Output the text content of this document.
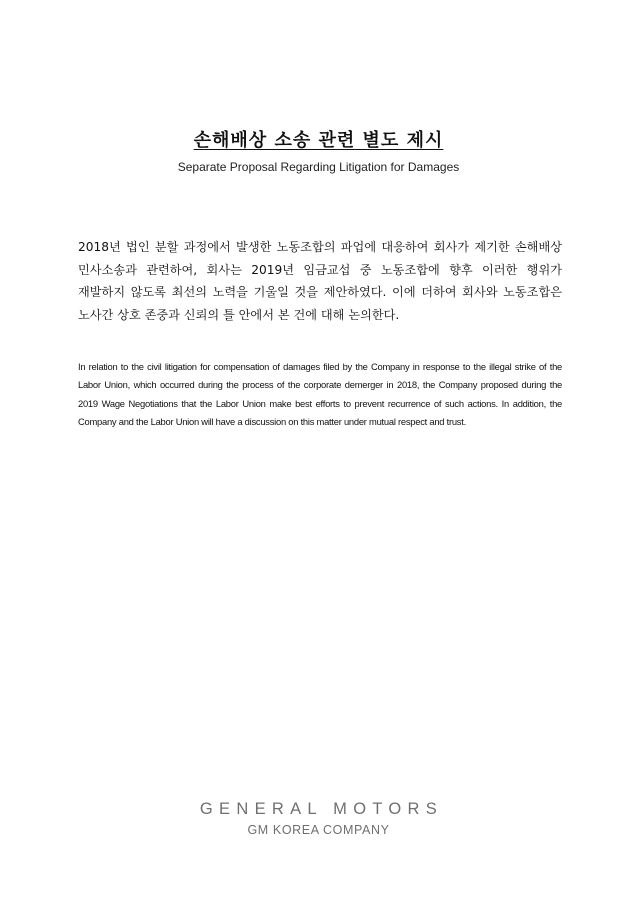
손해배상 소송 관련 별도 제시
Separate Proposal Regarding Litigation for Damages
2018년 법인 분할 과정에서 발생한 노동조합의 파업에 대응하여 회사가 제기한 손해배상 민사소송과 관련하여, 회사는 2019년 임금교섭 중 노동조합에 향후 이러한 행위가 재발하지 않도록 최선의 노력을 기울일 것을 제안하였다. 이에 더하여 회사와 노동조합은 노사간 상호 존중과 신뢰의 틀 안에서 본 건에 대해 논의한다.
In relation to the civil litigation for compensation of damages filed by the Company in response to the illegal strike of the Labor Union, which occurred during the process of the corporate demerger in 2018, the Company proposed during the 2019 Wage Negotiations that the Labor Union make best efforts to prevent recurrence of such actions. In addition, the Company and the Labor Union will have a discussion on this matter under mutual respect and trust.
GENERAL MOTORS
GM KOREA COMPANY
